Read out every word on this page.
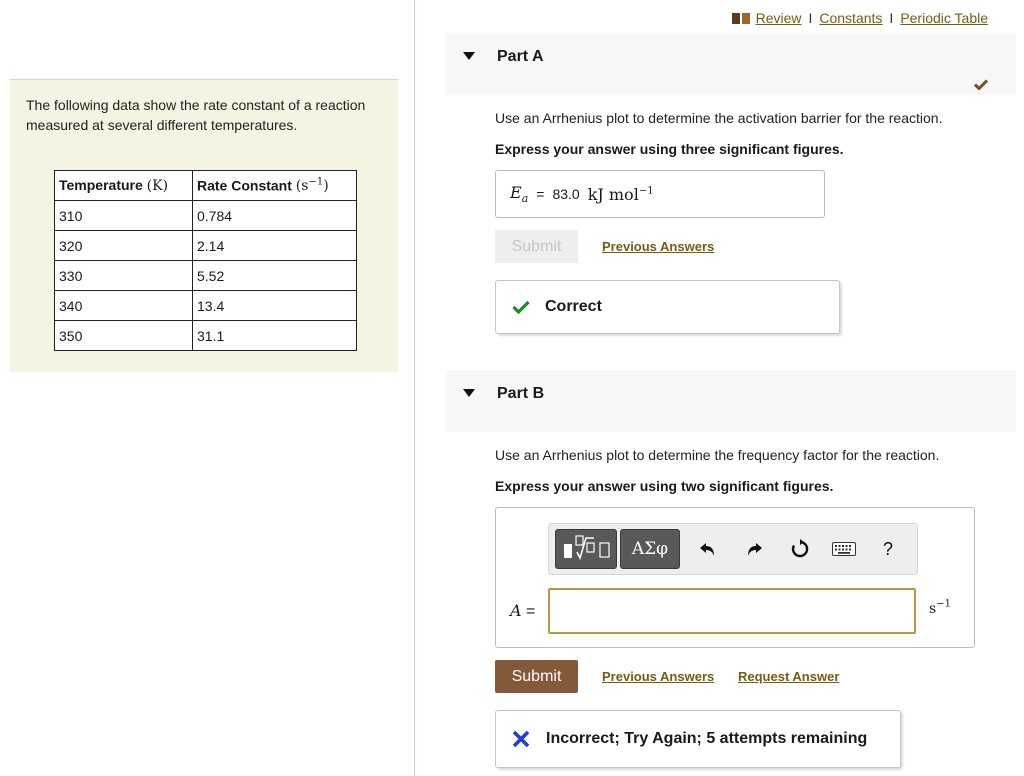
The following data show the rate constant of a reaction measured at several different temperatures.

Temperature (K)	Rate Constant $(s^{-1})$
310	0.784
320	2.14
330	5.52
340	13.4
350	31.1
Review I Constants I Periodic Table
Part A

Use an Arrhenius plot to determine the activation barrier for the reaction.

Express your answer using three significant figures.

$E_a = 83.0$ kJ mol$^{-1}$
Submit	Previous Answers
Correct
Part B

Use an Arrhenius plot to determine the frequency factor for the reaction.

Express your answer using two significant figures.

ΑΣφ	?
A =	$s^{-1}$
Submit	Previous Answers Request Answer
Incorrect; Try Again; 5 attempts remaining
